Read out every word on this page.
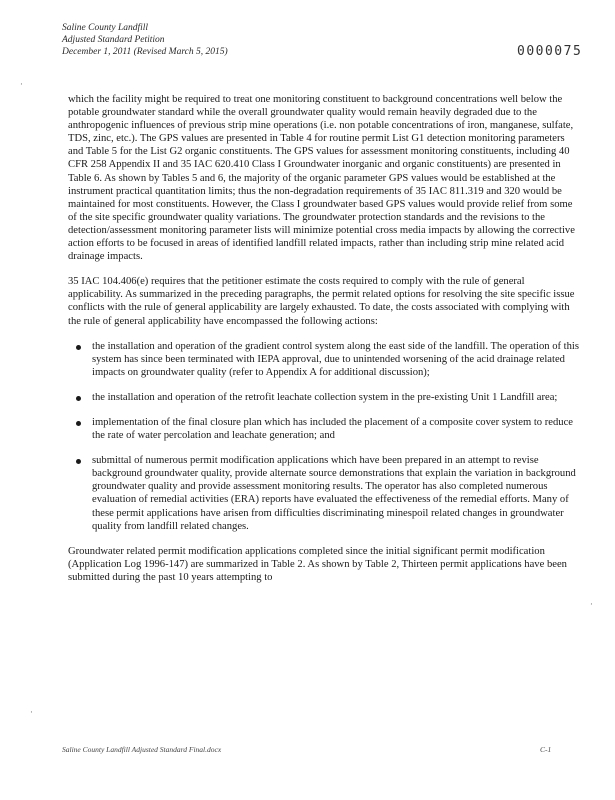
Saline County Landfill
Adjusted Standard Petition
December 1, 2011 (Revised March 5, 2015)	0000075

which the facility might be required to treat one monitoring constituent to background concentrations well below the potable groundwater standard while the overall groundwater quality would remain heavily degraded due to the anthropogenic influences of previous strip mine operations (i.e. non potable concentrations of iron, manganese, sulfate, TDS, zinc, etc.). The GPS values are presented in Table 4 for routine permit List G1 detection monitoring parameters and Table 5 for the List G2 organic constituents. The GPS values for assessment monitoring constituents, including 40 CFR 258 Appendix II and 35 IAC 620.410 Class I Groundwater inorganic and organic constituents) are presented in Table 6. As shown by Tables 5 and 6, the majority of the organic parameter GPS values would be established at the instrument practical quantitation limits; thus the non-degradation requirements of 35 IAC 811.319 and 320 would be maintained for most constituents. However, the Class I groundwater based GPS values would provide relief from some of the site specific groundwater quality variations. The groundwater protection standards and the revisions to the detection/assessment monitoring parameter lists will minimize potential cross media impacts by allowing the corrective action efforts to be focused in areas of identified landfill related impacts, rather than including strip mine related acid drainage impacts.

35 IAC 104.406(e) requires that the petitioner estimate the costs required to comply with the rule of general applicability. As summarized in the preceding paragraphs, the permit related options for resolving the site specific issue conflicts with the rule of general applicability are largely exhausted. To date, the costs associated with complying with the rule of general applicability have encompassed the following actions:

the installation and operation of the gradient control system along the east side of the landfill. The operation of this system has since been terminated with IEPA approval, due to unintended worsening of the acid drainage related impacts on groundwater quality (refer to Appendix A for additional discussion);
the installation and operation of the retrofit leachate collection system in the pre-existing Unit 1 Landfill area;
implementation of the final closure plan which has included the placement of a composite cover system to reduce the rate of water percolation and leachate generation; and
submittal of numerous permit modification applications which have been prepared in an attempt to revise background groundwater quality, provide alternate source demonstrations that explain the variation in background groundwater quality and provide assessment monitoring results. The operator has also completed numerous evaluation of remedial activities (ERA) reports have evaluated the effectiveness of the remedial efforts. Many of these permit applications have arisen from difficulties discriminating minespoil related changes in groundwater quality from landfill related changes.

Groundwater related permit modification applications completed since the initial significant permit modification (Application Log 1996-147) are summarized in Table 2. As shown by Table 2, Thirteen permit applications have been submitted during the past 10 years attempting to

Saline County Landfill Adjusted Standard Final.docx	C-1
·
·
·
